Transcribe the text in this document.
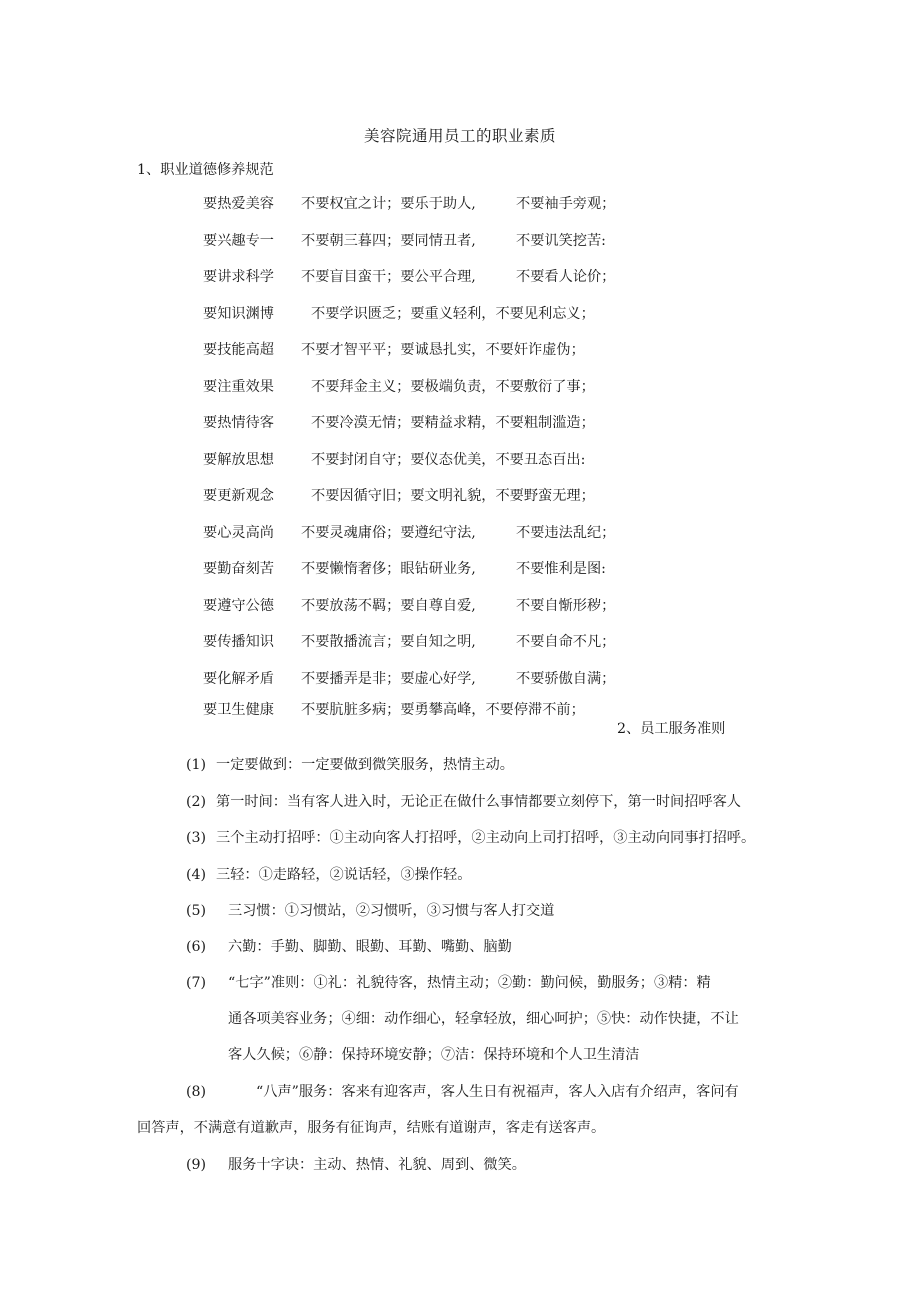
美容院通用员工的职业素质
1、职业道德修养规范
要热爱美容 不要权宜之计；要乐于助人,	不要袖手旁观；
要兴趣专一 不要朝三暮四；要同情丑者,	不要讥笑挖苦:
要讲求科学 不要盲目蛮干；要公平合理,	不要看人论价；
要知识渊博	不要学识匮乏；要重义轻利，不要见利忘义；
要技能高超 不要才智平平；要诚恳扎实，不要奸诈虚伪；
要注重效果	不要拜金主义；要极端负责，不要敷衍了事；
要热情待客	不要冷漠无情；要精益求精，不要粗制滥造；
要解放思想	不要封闭自守；要仪态优美，不要丑态百出:
要更新观念	不要因循守旧；要文明礼貌，不要野蛮无理；
要心灵高尚 不要灵魂庸俗；要遵纪守法,	不要违法乱纪；
要勤奋刻苦 不要懒惰奢侈；眼钻研业务,	不要惟利是图:
要遵守公德 不要放荡不羁；要自尊自爱,	不要自惭形秽；
要传播知识 不要散播流言；要自知之明,	不要自命不凡；
要化解矛盾 不要播弄是非；要虚心好学,	不要骄傲自满；
要卫生健康 不要肮脏多病；要勇攀高峰，不要停滞不前；
2、员工服务准则
(1) 一定要做到：一定要做到微笑服务，热情主动。
(2) 第一时间：当有客人进入时，无论正在做什么事情都要立刻停下，第一时间招呼客人
(3) 三个主动打招呼：①主动向客人打招呼，②主动向上司打招呼，③主动向同事打招呼。
(4) 三轻：①走路轻，②说话轻，③操作轻。
(5) 三习惯：①习惯站，②习惯听，③习惯与客人打交道
(6) 六勤：手勤、脚勤、眼勤、耳勤、嘴勤、脑勤
(7) “七字”准则：①礼：礼貌待客，热情主动；②勤：勤问候，勤服务；③精：精
通各项美容业务；④细：动作细心，轻拿轻放，细心呵护；⑤快：动作快捷，不让
客人久候；⑥静：保持环境安静；⑦洁：保持环境和个人卫生清洁
(8)	“八声”服务：客来有迎客声，客人生日有祝福声，客人入店有介绍声，客问有
回答声，不满意有道歉声，服务有征询声，结账有道谢声，客走有送客声。
(9) 服务十字诀：主动、热情、礼貌、周到、微笑。
